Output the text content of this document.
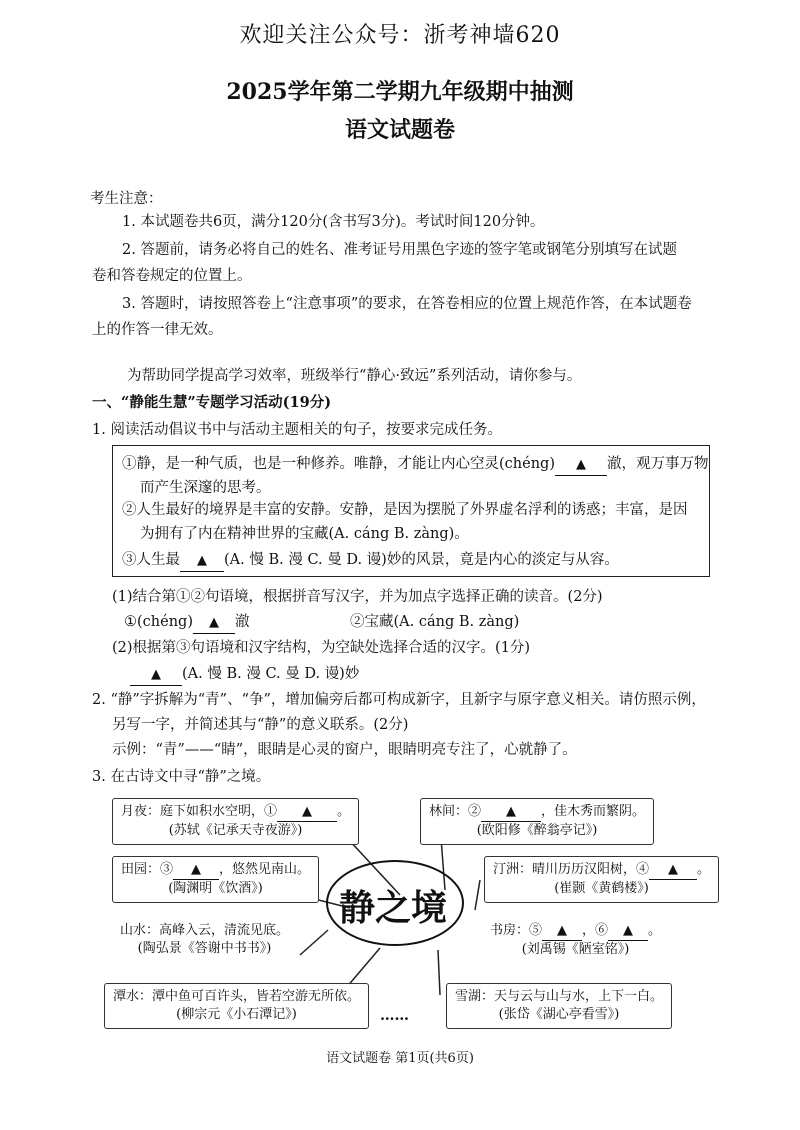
欢迎关注公众号：浙考神墙620
2025学年第二学期九年级期中抽测
语文试题卷
考生注意：
1. 本试题卷共6页，满分120分(含书写3分)。考试时间120分钟。
2. 答题前，请务必将自己的姓名、准考证号用黑色字迹的签字笔或钢笔分别填写在试题
卷和答卷规定的位置上。
3. 答题时，请按照答卷上“注意事项”的要求，在答卷相应的位置上规范作答，在本试题卷
上的作答一律无效。
为帮助同学提高学习效率，班级举行“静心·致远”系列活动，请你参与。
一、“静能生慧”专题学习活动(19分)
1. 阅读活动倡议书中与活动主题相关的句子，按要求完成任务。
①静，是一种气质，也是一种修养。唯静，才能让内心空灵(chéng) ▲ 澈，观万事万物
而产生深邃的思考。
②人生最好的境界是丰富的安静。安静，是因为摆脱了外界虚名浮利的诱惑；丰富，是因
为拥有了内在精神世界的宝藏(A. cáng B. zàng)。
③人生最 ▲ (A. 慢 B. 漫 C. 曼 D. 谩)妙的风景，竟是内心的淡定与从容。
(1)结合第①②句语境，根据拼音写汉字，并为加点字选择正确的读音。(2分)
①(chéng) ▲ 澈	②宝藏(A. cáng B. zàng)
(2)根据第③句语境和汉字结构，为空缺处选择合适的汉字。(1分)
▲ (A. 慢 B. 漫 C. 曼 D. 谩)妙
2. “静”字拆解为“青”、“争”，增加偏旁后都可构成新字，且新字与原字意义相关。请仿照示例，
另写一字，并简述其与“静”的意义联系。(2分)
示例：“青”——“睛”，眼睛是心灵的窗户，眼睛明亮专注了，心就静了。
3. 在古诗文中寻“静”之境。
静之境
月夜：庭下如积水空明，① ▲ 。
(苏轼《记承天寺夜游》)
林间：② ▲ ，佳木秀而繁阴。
(欧阳修《醉翁亭记》)
田园：③ ▲ ，悠然见南山。
(陶渊明《饮酒》)
汀洲：晴川历历汉阳树，④ ▲ 。
(崔颢《黄鹤楼》)
山水：高峰入云，清流见底。
(陶弘景《答谢中书书》)
书房：⑤ ▲ ，⑥ ▲ 。
(刘禹锡《陋室铭》)
潭水：潭中鱼可百许头，皆若空游无所依。
(柳宗元《小石潭记》)
雪湖：天与云与山与水，上下一白。
(张岱《湖心亭看雪》)
……
语文试题卷 第1页(共6页)
